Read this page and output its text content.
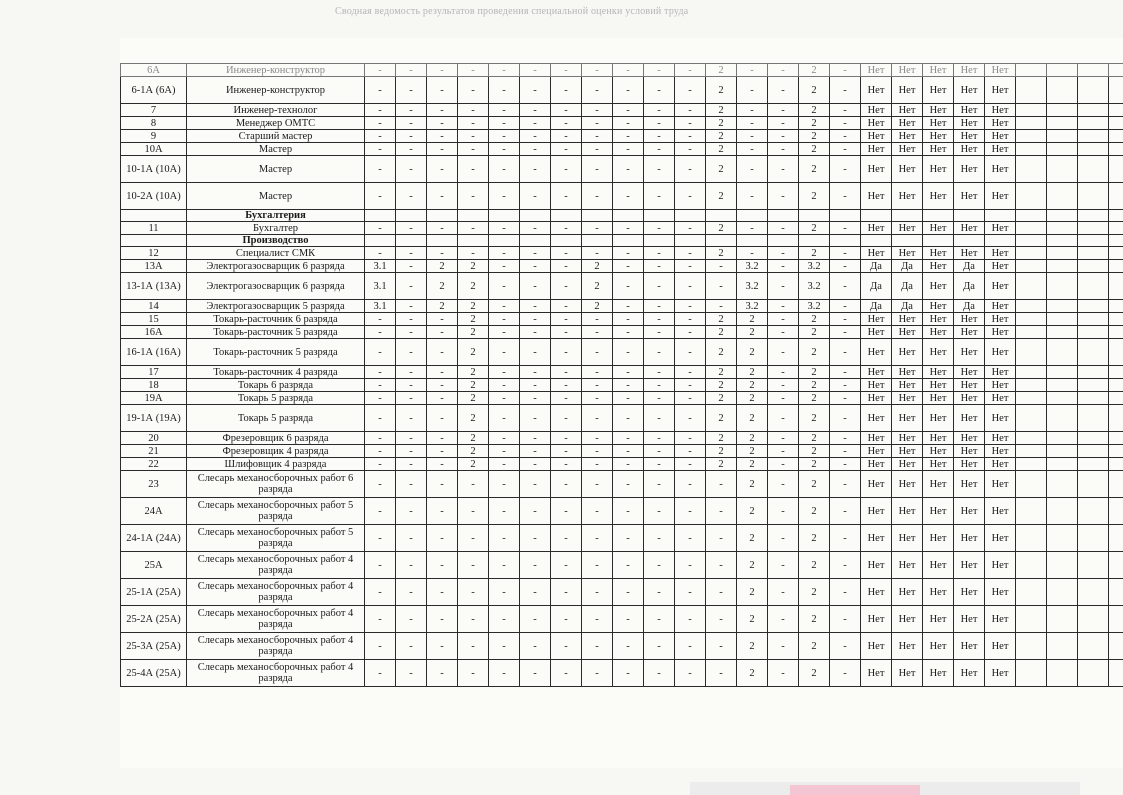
Сводная ведомость результатов проведения специальной оценки условий труда
6А	Инженер-конструктор	-	-	-	-	-	-	-	-	-	-	-	2	-	-	2	-	Нет	Нет	Нет	Нет	Нет					
6-1А (6А)	Инженер-конструктор	-	-	-	-	-	-	-	-	-	-	-	2	-	-	2	-	Нет	Нет	Нет	Нет	Нет					
7	Инженер-технолог	-	-	-	-	-	-	-	-	-	-	-	2	-	-	2	-	Нет	Нет	Нет	Нет	Нет					
8	Менеджер ОМТС	-	-	-	-	-	-	-	-	-	-	-	2	-	-	2	-	Нет	Нет	Нет	Нет	Нет					
9	Старший мастер	-	-	-	-	-	-	-	-	-	-	-	2	-	-	2	-	Нет	Нет	Нет	Нет	Нет					
10А	Мастер	-	-	-	-	-	-	-	-	-	-	-	2	-	-	2	-	Нет	Нет	Нет	Нет	Нет					
10-1А (10А)	Мастер	-	-	-	-	-	-	-	-	-	-	-	2	-	-	2	-	Нет	Нет	Нет	Нет	Нет					
10-2А (10А)	Мастер	-	-	-	-	-	-	-	-	-	-	-	2	-	-	2	-	Нет	Нет	Нет	Нет	Нет					
	Бухгалтерия																										
11	Бухгалтер	-	-	-	-	-	-	-	-	-	-	-	2	-	-	2	-	Нет	Нет	Нет	Нет	Нет					
	Производство																										
12	Специалист СМК	-	-	-	-	-	-	-	-	-	-	-	2	-	-	2	-	Нет	Нет	Нет	Нет	Нет					
13А	Электрогазосварщик 6 разряда	3.1	-	2	2	-	-	-	2	-	-	-	-	3.2	-	3.2	-	Да	Да	Нет	Да	Нет					
13-1А (13А)	Электрогазосварщик 6 разряда	3.1	-	2	2	-	-	-	2	-	-	-	-	3.2	-	3.2	-	Да	Да	Нет	Да	Нет					
14	Электрогазосварщик 5 разряда	3.1	-	2	2	-	-	-	2	-	-	-	-	3.2	-	3.2	-	Да	Да	Нет	Да	Нет					
15	Токарь-расточник 6 разряда	-	-	-	2	-	-	-	-	-	-	-	2	2	-	2	-	Нет	Нет	Нет	Нет	Нет					
16А	Токарь-расточник 5 разряда	-	-	-	2	-	-	-	-	-	-	-	2	2	-	2	-	Нет	Нет	Нет	Нет	Нет					
16-1А (16А)	Токарь-расточник 5 разряда	-	-	-	2	-	-	-	-	-	-	-	2	2	-	2	-	Нет	Нет	Нет	Нет	Нет					
17	Токарь-расточник 4 разряда	-	-	-	2	-	-	-	-	-	-	-	2	2	-	2	-	Нет	Нет	Нет	Нет	Нет					
18	Токарь 6 разряда	-	-	-	2	-	-	-	-	-	-	-	2	2	-	2	-	Нет	Нет	Нет	Нет	Нет					
19А	Токарь 5 разряда	-	-	-	2	-	-	-	-	-	-	-	2	2	-	2	-	Нет	Нет	Нет	Нет	Нет					
19-1А (19А)	Токарь 5 разряда	-	-	-	2	-	-	-	-	-	-	-	2	2	-	2	-	Нет	Нет	Нет	Нет	Нет					
20	Фрезеровщик 6 разряда	-	-	-	2	-	-	-	-	-	-	-	2	2	-	2	-	Нет	Нет	Нет	Нет	Нет					
21	Фрезеровщик 4 разряда	-	-	-	2	-	-	-	-	-	-	-	2	2	-	2	-	Нет	Нет	Нет	Нет	Нет					
22	Шлифовщик 4 разряда	-	-	-	2	-	-	-	-	-	-	-	2	2	-	2	-	Нет	Нет	Нет	Нет	Нет					
23	Слесарь механосборочных работ 6 разряда	-	-	-	-	-	-	-	-	-	-	-	-	2	-	2	-	Нет	Нет	Нет	Нет	Нет					
24А	Слесарь механосборочных работ 5 разряда	-	-	-	-	-	-	-	-	-	-	-	-	2	-	2	-	Нет	Нет	Нет	Нет	Нет					
24-1А (24А)	Слесарь механосборочных работ 5 разряда	-	-	-	-	-	-	-	-	-	-	-	-	2	-	2	-	Нет	Нет	Нет	Нет	Нет					
25А	Слесарь механосборочных работ 4 разряда	-	-	-	-	-	-	-	-	-	-	-	-	2	-	2	-	Нет	Нет	Нет	Нет	Нет					
25-1А (25А)	Слесарь механосборочных работ 4 разряда	-	-	-	-	-	-	-	-	-	-	-	-	2	-	2	-	Нет	Нет	Нет	Нет	Нет					
25-2А (25А)	Слесарь механосборочных работ 4 разряда	-	-	-	-	-	-	-	-	-	-	-	-	2	-	2	-	Нет	Нет	Нет	Нет	Нет					
25-3А (25А)	Слесарь механосборочных работ 4 разряда	-	-	-	-	-	-	-	-	-	-	-	-	2	-	2	-	Нет	Нет	Нет	Нет	Нет					
25-4А (25А)	Слесарь механосборочных работ 4 разряда	-	-	-	-	-	-	-	-	-	-	-	-	2	-	2	-	Нет	Нет	Нет	Нет	Нет					
